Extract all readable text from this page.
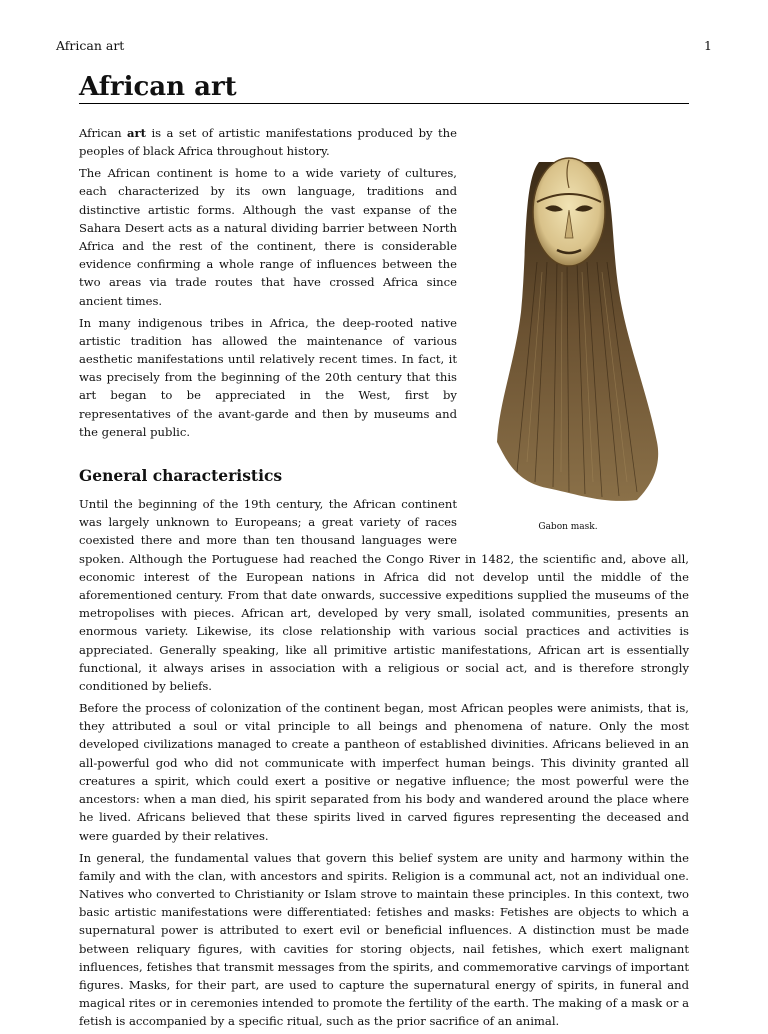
African art	1
African art
Gabon mask.

African art is a set of artistic manifestations produced by the peoples of black Africa throughout history.

The African continent is home to a wide variety of cultures, each characterized by its own language, traditions and distinctive artistic forms. Although the vast expanse of the Sahara Desert acts as a natural dividing barrier between North Africa and the rest of the continent, there is considerable evidence confirming a whole range of influences between the two areas via trade routes that have crossed Africa since ancient times.

In many indigenous tribes in Africa, the deep-rooted native artistic tradition has allowed the maintenance of various aesthetic manifestations until relatively recent times. In fact, it was precisely from the beginning of the 20th century that this art began to be appreciated in the West, first by representatives of the avant-garde and then by museums and the general public.

General characteristics

Until the beginning of the 19th century, the African continent was largely unknown to Europeans; a great variety of races coexisted there and more than ten thousand languages were spoken. Although the Portuguese had reached the Congo River in 1482, the scientific and, above all, economic interest of the European nations in Africa did not develop until the middle of the aforementioned century. From that date onwards, successive expeditions supplied the museums of the metropolises with pieces. African art, developed by very small, isolated communities, presents an enormous variety. Likewise, its close relationship with various social practices and activities is appreciated. Generally speaking, like all primitive artistic manifestations, African art is essentially functional, it always arises in association with a religious or social act, and is therefore strongly conditioned by beliefs.

Before the process of colonization of the continent began, most African peoples were animists, that is, they attributed a soul or vital principle to all beings and phenomena of nature. Only the most developed civilizations managed to create a pantheon of established divinities. Africans believed in an all-powerful god who did not communicate with imperfect human beings. This divinity granted all creatures a spirit, which could exert a positive or negative influence; the most powerful were the ancestors: when a man died, his spirit separated from his body and wandered around the place where he lived. Africans believed that these spirits lived in carved figures representing the deceased and were guarded by their relatives.

In general, the fundamental values that govern this belief system are unity and harmony within the family and with the clan, with ancestors and spirits. Religion is a communal act, not an individual one. Natives who converted to Christianity or Islam strove to maintain these principles. In this context, two basic artistic manifestations were differentiated: fetishes and masks: Fetishes are objects to which a supernatural power is attributed to exert evil or beneficial influences. A distinction must be made between reliquary figures, with cavities for storing objects, nail fetishes, which exert malignant influences, fetishes that transmit messages from the spirits, and commemorative carvings of important figures. Masks, for their part, are used to capture the supernatural energy of spirits, in funeral and magical rites or in ceremonies intended to promote the fertility of the earth. The making of a mask or a fetish is accompanied by a specific ritual, such as the prior sacrifice of an animal.
